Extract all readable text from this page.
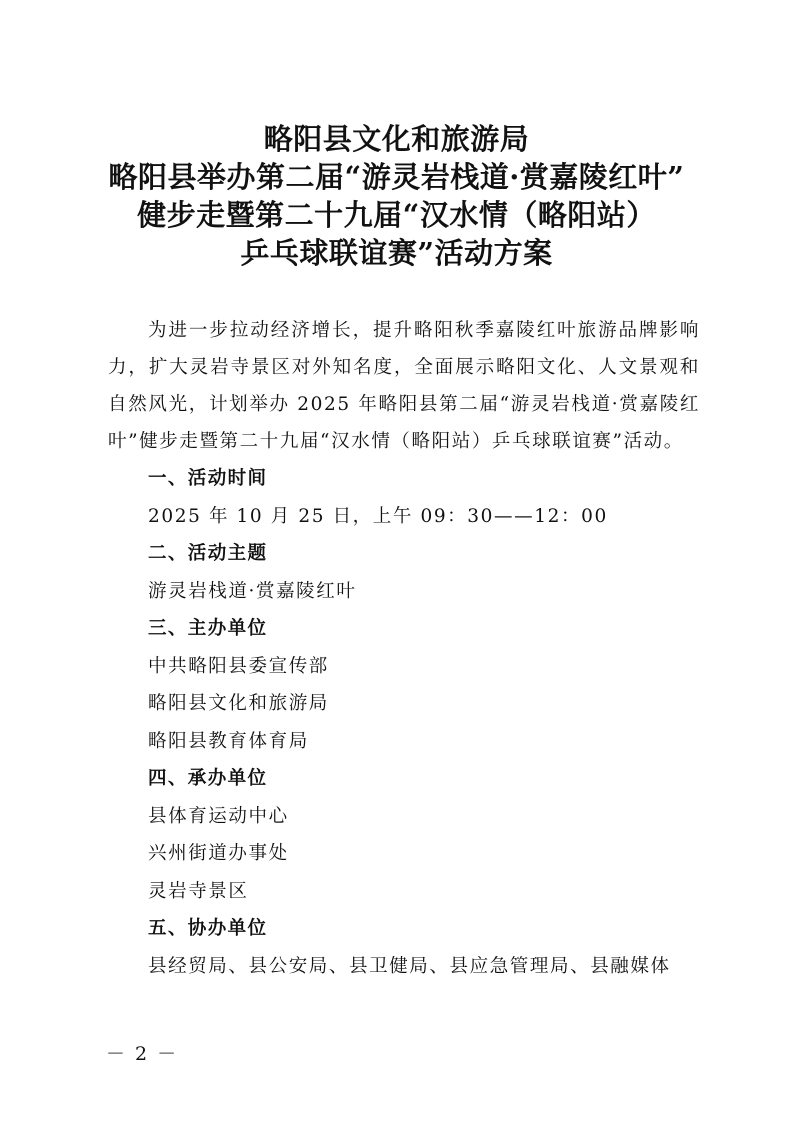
略阳县文化和旅游局
略阳县举办第二届“游灵岩栈道·赏嘉陵红叶”
健步走暨第二十九届“汉水情（略阳站）
乒乓球联谊赛”活动方案

为进一步拉动经济增长，提升略阳秋季嘉陵红叶旅游品牌影响力，扩大灵岩寺景区对外知名度，全面展示略阳文化、人文景观和自然风光，计划举办 2025 年略阳县第二届“游灵岩栈道·赏嘉陵红叶”健步走暨第二十九届“汉水情（略阳站）乒乓球联谊赛”活动。

一、活动时间
2025 年 10 月 25 日，上午 09：30——12：00
二、活动主题
游灵岩栈道·赏嘉陵红叶
三、主办单位
中共略阳县委宣传部
略阳县文化和旅游局
略阳县教育体育局
四、承办单位
县体育运动中心
兴州街道办事处
灵岩寺景区
五、协办单位
县经贸局、县公安局、县卫健局、县应急管理局、县融媒体
－ 2 －
